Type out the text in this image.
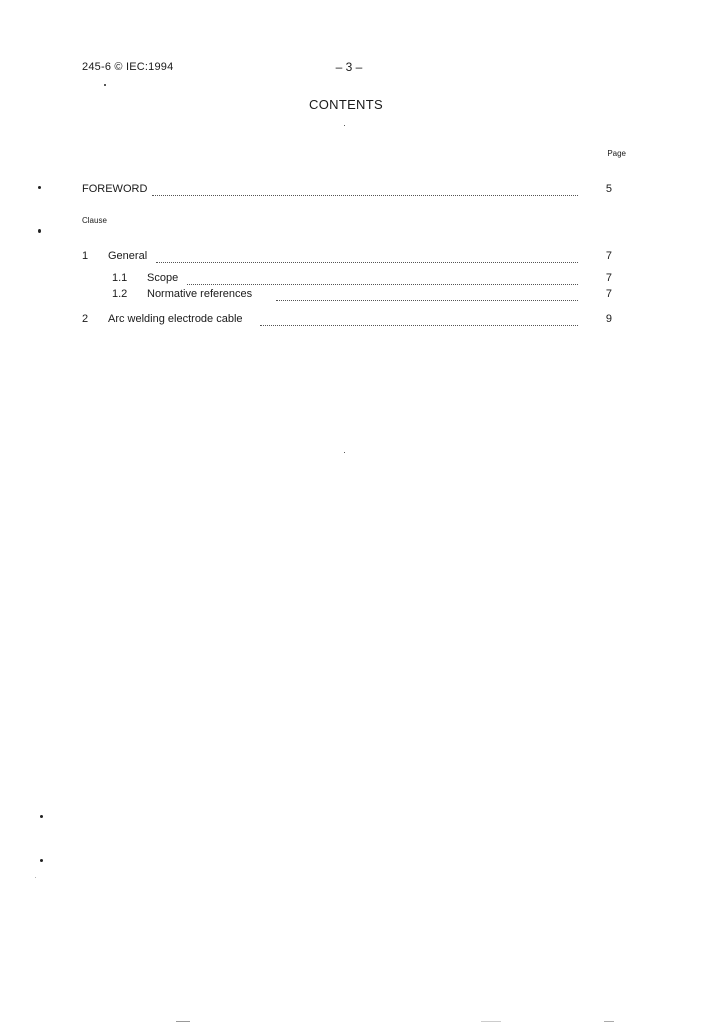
245-6 © IEC:1994	– 3 –
CONTENTS
Page
FOREWORD	5
Clause
1 General	7
1.1 Scope	7
1.2 Normative references	7
2 Arc welding electrode cable	9
